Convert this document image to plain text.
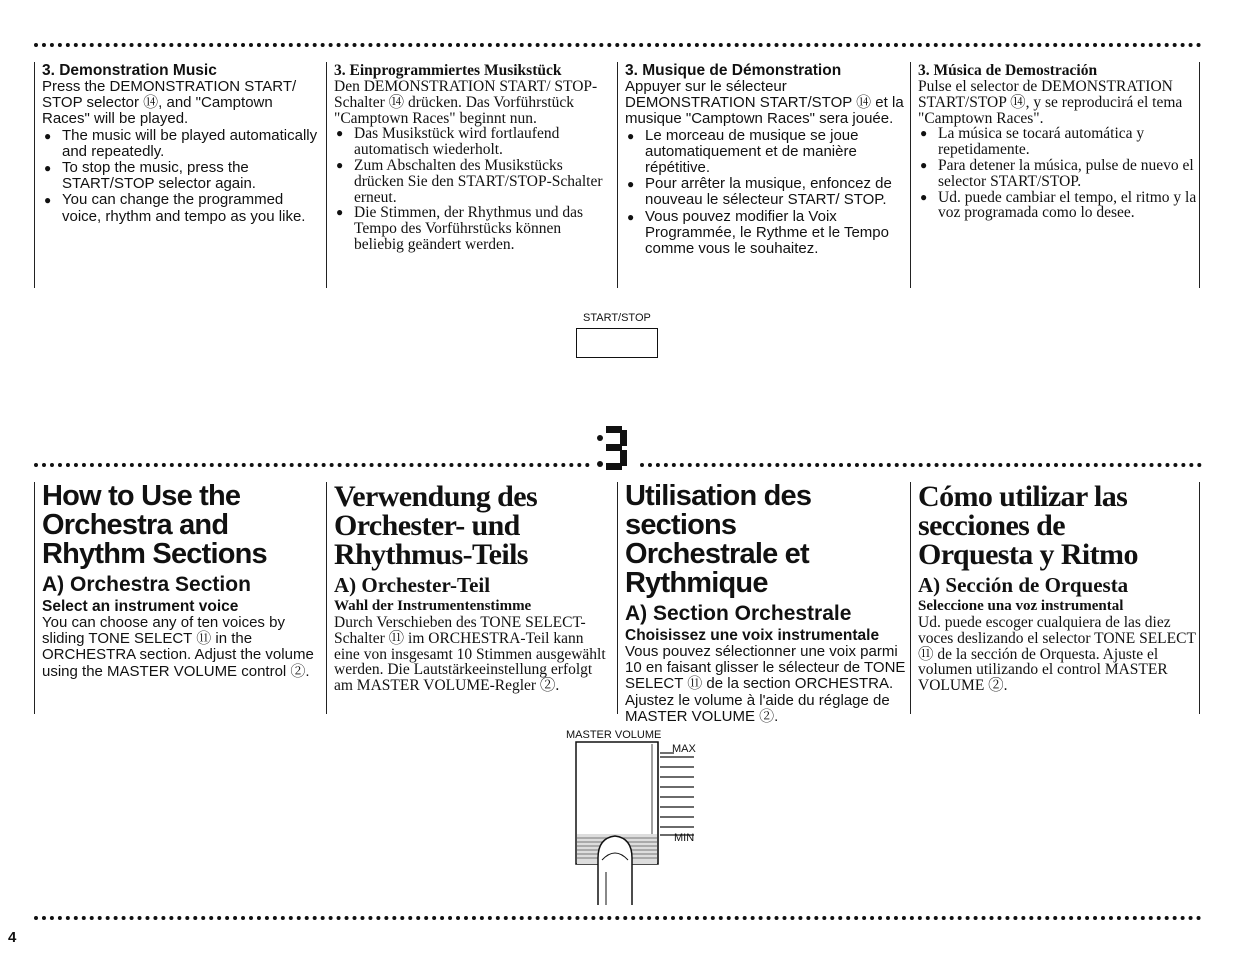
3. Demonstration Music

Press the DEMONSTRATION START/ STOP selector ⑭, and "Camptown Races" will be played.

● The music will be played automatically and repeatedly.
● To stop the music, press the START/STOP selector again.
● You can change the programmed voice, rhythm and tempo as you like.

3. Einprogrammiertes Musikstück

Den DEMONSTRATION START/ STOP-Schalter ⑭ drücken. Das Vorführstück "Camptown Races" beginnt nun.

● Das Musikstück wird fortlaufend automatisch wiederholt.
● Zum Abschalten des Musikstücks drücken Sie den START/STOP-Schalter erneut.
● Die Stimmen, der Rhythmus und das Tempo des Vorführstücks können beliebig geändert werden.

3. Musique de Démonstration

Appuyer sur le sélecteur DEMONSTRATION START/STOP ⑭ et la musique "Camptown Races" sera jouée.

● Le morceau de musique se joue automatiquement et de manière répétitive.
● Pour arrêter la musique, enfoncez de nouveau le sélecteur START/ STOP.
● Vous pouvez modifier la Voix Programmée, le Rythme et le Tempo comme vous le souhaitez.

3. Música de Demostración

Pulse el selector de DEMONSTRATION START/STOP ⑭, y se reproducirá el tema "Camptown Races".

● La música se tocará automática y repetidamente.
● Para detener la música, pulse de nuevo el selector START/STOP.
● Ud. puede cambiar el tempo, el ritmo y la voz programada como lo desee.
START/STOP

How to Use the Orchestra and Rhythm Sections

A) Orchestra Section

Select an instrument voice

You can choose any of ten voices by sliding TONE SELECT ⑪ in the ORCHESTRA section. Adjust the volume using the MASTER VOLUME control ②.

Verwendung des Orchester- und Rhythmus-Teils

A) Orchester-Teil

Wahl der Instrumentenstimme

Durch Verschieben des TONE SELECT-Schalter ⑪ im ORCHESTRA-Teil kann eine von insgesamt 10 Stimmen ausgewählt werden. Die Lautstärkeeinstellung erfolgt am MASTER VOLUME-Regler ②.

Utilisation des sections Orchestrale et Rythmique

A) Section Orchestrale

Choisissez une voix instrumentale

Vous pouvez sélectionner une voix parmi 10 en faisant glisser le sélecteur de TONE SELECT ⑪ de la section ORCHESTRA. Ajustez le volume à l'aide du réglage de MASTER VOLUME ②.

Cómo utilizar las secciones de Orquesta y Ritmo

A) Sección de Orquesta

Seleccione una voz instrumental

Ud. puede escoger cualquiera de las diez voces deslizando el selector TONE SELECT ⑪ de la sección de Orquesta. Ajuste el volumen utilizando el control MASTER VOLUME ②.

MASTER VOLUME
MAX
MIN
4
